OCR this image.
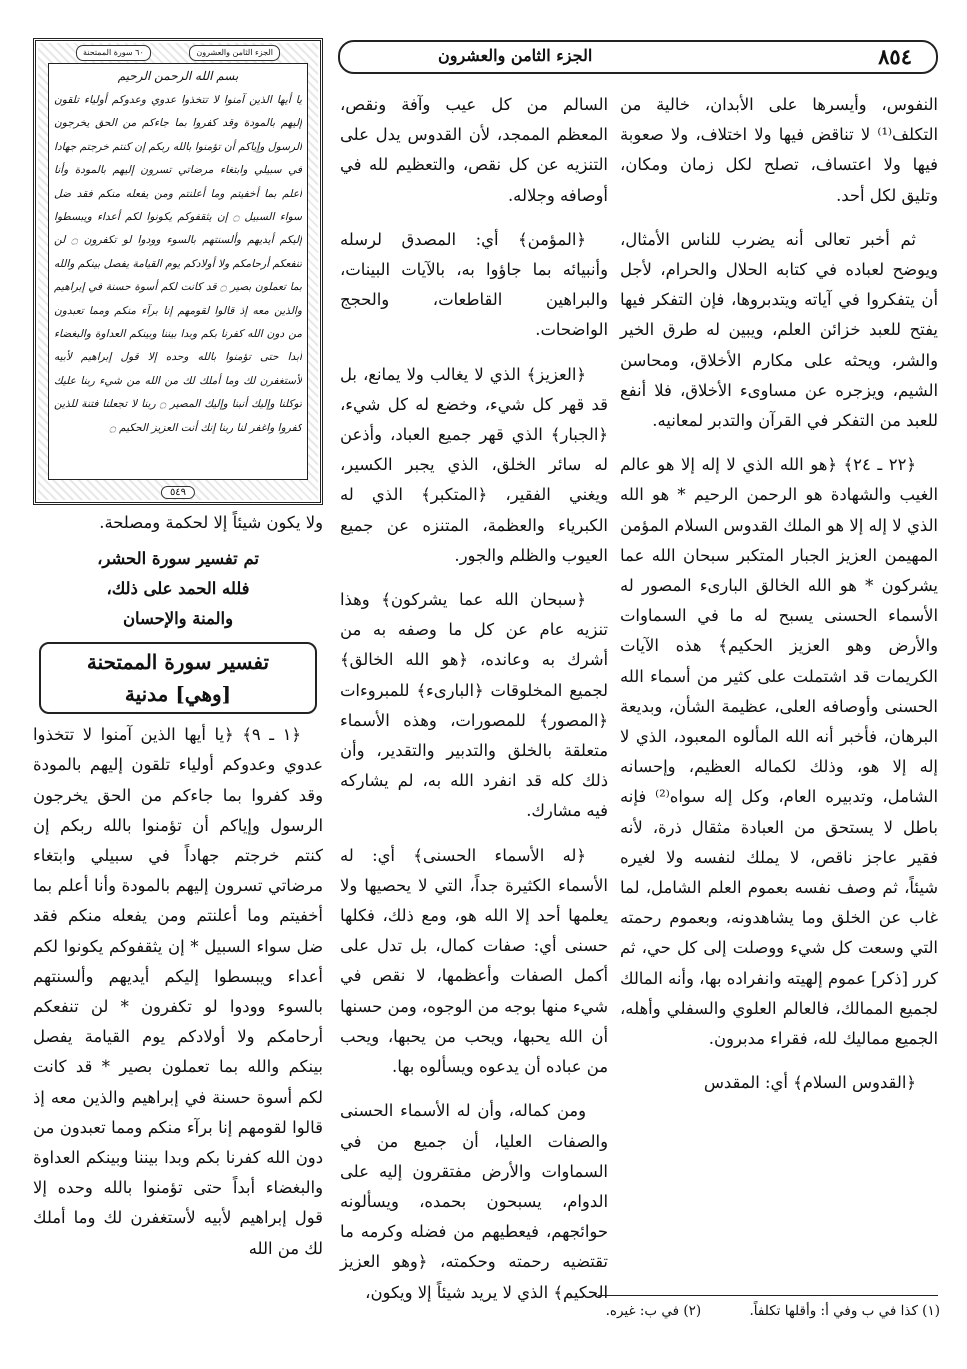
٨٥٤
الجزء الثامن والعشرون
الجزء الثامن والعشرون
٦٠ سورة الممتحنة
بسم الله الرحمن الرحيم
يا أيها الذين آمنوا لا تتخذوا عدوي وعدوكم أولياء تلقون إليهم بالمودة وقد كفروا بما جاءكم من الحق يخرجون الرسول وإياكم أن تؤمنوا بالله ربكم إن كنتم خرجتم جهادا في سبيلي وابتغاء مرضاتي تسرون إليهم بالمودة وأنا أعلم بما أخفيتم وما أعلنتم ومن يفعله منكم فقد ضل سواء السبيل ۝ إن يثقفوكم يكونوا لكم أعداء ويبسطوا إليكم أيديهم وألسنتهم بالسوء وودوا لو تكفرون ۝ لن تنفعكم أرحامكم ولا أولادكم يوم القيامة يفصل بينكم والله بما تعملون بصير ۝ قد كانت لكم أسوة حسنة في إبراهيم والذين معه إذ قالوا لقومهم إنا برآء منكم ومما تعبدون من دون الله كفرنا بكم وبدا بيننا وبينكم العداوة والبغضاء أبدا حتى تؤمنوا بالله وحده إلا قول إبراهيم لأبيه لأستغفرن لك وما أملك لك من الله من شيء ربنا عليك توكلنا وإليك أنبنا وإليك المصير ۝ ربنا لا تجعلنا فتنة للذين كفروا واغفر لنا ربنا إنك أنت العزيز الحكيم ۝
٥٤٩

النفوس، وأيسرها على الأبدان، خالية من التكلف⁽¹⁾ لا تناقض فيها ولا اختلاف، ولا صعوبة فيها ولا اعتساف، تصلح لكل زمان ومكان، وتليق لكل أحد.

ثم أخبر تعالى أنه يضرب للناس الأمثال، ويوضح لعباده في كتابه الحلال والحرام، لأجل أن يتفكروا في آياته ويتدبروها، فإن التفكر فيها يفتح للعبد خزائن العلم، ويبين له طرق الخير والشر، ويحثه على مكارم الأخلاق، ومحاسن الشيم، ويزجره عن مساوىء الأخلاق، فلا أنفع للعبد من التفكر في القرآن والتدبر لمعانيه.

﴿٢٢ ـ ٢٤﴾ ﴿هو الله الذي لا إله إلا هو عالم الغيب والشهادة هو الرحمن الرحيم * هو الله الذي لا إله إلا هو الملك القدوس السلام المؤمن المهيمن العزيز الجبار المتكبر سبحان الله عما يشركون * هو الله الخالق البارىء المصور له الأسماء الحسنى يسبح له ما في السماوات والأرض وهو العزيز الحكيم﴾ هذه الآيات الكريمات قد اشتملت على كثير من أسماء الله الحسنى وأوصافه العلى، عظيمة الشأن، وبديعة البرهان، فأخبر أنه الله المألوه المعبود، الذي لا إله إلا هو، وذلك لكماله العظيم، وإحسانه الشامل، وتدبيره العام، وكل إله سواه⁽²⁾ فإنه باطل لا يستحق من العبادة مثقال ذرة، لأنه فقير عاجز ناقص، لا يملك لنفسه ولا لغيره شيئاً، ثم وصف نفسه بعموم العلم الشامل، لما غاب عن الخلق وما يشاهدونه، وبعموم رحمته التي وسعت كل شيء ووصلت إلى كل حي، ثم كرر [ذكر] عموم إلهيته وانفراده بها، وأنه المالك لجميع الممالك، فالعالم العلوي والسفلي وأهله، الجميع مماليك لله، فقراء مدبرون.

﴿القدوس السلام﴾ أي: المقدس

السالم من كل عيب وآفة ونقص، المعظم الممجد، لأن القدوس يدل على التنزيه عن كل نقص، والتعظيم لله في أوصافه وجلاله.

﴿المؤمن﴾ أي: المصدق لرسله وأنبيائه بما جاؤوا به، بالآيات البينات، والبراهين القاطعات، والحجج الواضحات.

﴿العزيز﴾ الذي لا يغالب ولا يمانع، بل قد قهر كل شيء، وخضع له كل شيء، ﴿الجبار﴾ الذي قهر جميع العباد، وأذعن له سائر الخلق، الذي يجبر الكسير، ويغني الفقير، ﴿المتكبر﴾ الذي له الكبرياء والعظمة، المتنزه عن جميع العيوب والظلم والجور.

﴿سبحان الله عما يشركون﴾ وهذا تنزيه عام عن كل ما وصفه به من أشرك به وعانده، ﴿هو الله الخالق﴾ لجميع المخلوقات ﴿البارىء﴾ للمبروءات ﴿المصور﴾ للمصورات، وهذه الأسماء متعلقة بالخلق والتدبير والتقدير، وأن ذلك كله قد انفرد الله به، لم يشاركه فيه مشارك.

﴿له الأسماء الحسنى﴾ أي: له الأسماء الكثيرة جداً، التي لا يحصيها ولا يعلمها أحد إلا الله هو، ومع ذلك، فكلها حسنى أي: صفات كمال، بل تدل على أكمل الصفات وأعظمها، لا نقص في شيء منها بوجه من الوجوه، ومن حسنها أن الله يحبها، ويحب من يحبها، ويحب من عباده أن يدعوه ويسألوه بها.

ومن كماله، وأن له الأسماء الحسنى والصفات العليا، أن جميع من في السماوات والأرض مفتقرون إليه على الدوام، يسبحون بحمده، ويسألونه حوائجهم، فيعطيهم من فضله وكرمه ما تقتضيه رحمته وحكمته، ﴿وهو العزيز الحكيم﴾ الذي لا يريد شيئاً إلا ويكون،

ولا يكون شيئاً إلا لحكمة ومصلحة.

تم تفسير سورة الحشر،
فلله الحمد على ذلك،
والمنة والإحسان
تفسير سورة الممتحنة
[وهي] مدنية

﴿١ ـ ٩﴾ ﴿يا أيها الذين آمنوا لا تتخذوا عدوي وعدوكم أولياء تلقون إليهم بالمودة وقد كفروا بما جاءكم من الحق يخرجون الرسول وإياكم أن تؤمنوا بالله ربكم إن كنتم خرجتم جهاداً في سبيلي وابتغاء مرضاتي تسرون إليهم بالمودة وأنا أعلم بما أخفيتم وما أعلنتم ومن يفعله منكم فقد ضل سواء السبيل * إن يثقفوكم يكونوا لكم أعداء ويبسطوا إليكم أيديهم وألسنتهم بالسوء وودوا لو تكفرون * لن تنفعكم أرحامكم ولا أولادكم يوم القيامة يفصل بينكم والله بما تعملون بصير * قد كانت لكم أسوة حسنة في إبراهيم والذين معه إذ قالوا لقومهم إنا برآء منكم ومما تعبدون من دون الله كفرنا بكم وبدا بيننا وبينكم العداوة والبغضاء أبداً حتى تؤمنوا بالله وحده إلا قول إبراهيم لأبيه لأستغفرن لك وما أملك لك من الله

(١) كذا في ب وفي أ: وأقلها تكلفاً. (٢) في ب: غيره.
